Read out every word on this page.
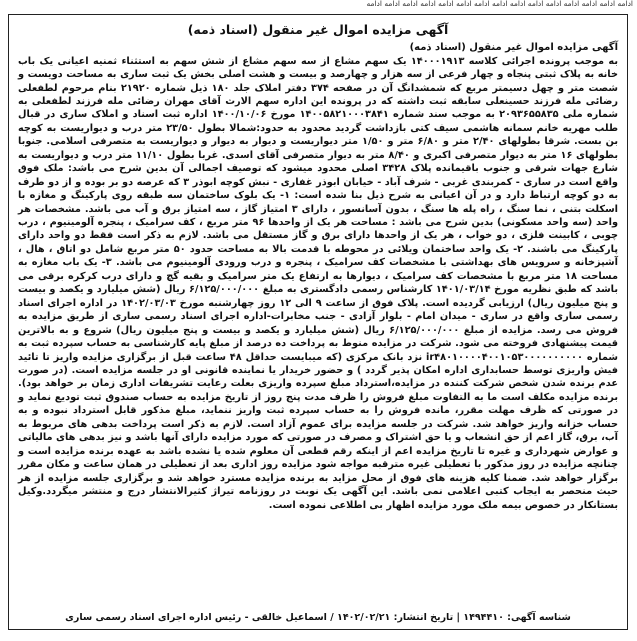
ادامه ادامه ادامه ادامه ادامه ادامه ادامه ادامه ادامه ادامه ادامه ادامه ادامه ادامه ادامه
آگهی مزایده اموال غیر منقول (اسناد ذمه)
آگهی مزایده اموال غیر منقول (اسناد ذمه)
به موجب پرونده اجرائی کلاسه ۱۴۰۰۰۱۹۱۳ یک سهم مشاع از سه سهم مشاع از شش سهم به استثناء ثمنیه اعیانی یک باب خانه به پلاک ثبتی پنجاه و چهار فرعی از سه هزار و چهارصد و بیست و هشت اصلی بخش یک ثبت ساری به مساحت دویست و شصت متر و چهل دسیمتر مربع که شمشدانگ آن در صفحه ۳۷۴ دفتر املاک جلد ۱۸۰ ذیل شماره ۲۱۹۲۰ بنام مرحوم لطفعلی رضائی مله فرزند حسینعلی سابقه ثبت داشته که در پرونده این اداره سهم الارث آقای مهران رضائی مله فرزند لطفعلی به شماره ملی ۲۰۹۳۶۵۵۸۳۵ به موجب سند شماره ۱۴۰۰۵۸۲۱۰۰۰۳۸۴۱ مورخ ۱۴۰۰/۱۰/۰۶ اداره ثبت اسناد و املاک ساری در قبال طلب مهریه خانم سمانه هاشمی سیف کتی بازداشت گردید محدود به حدود:شمالا بطول ۲۳/۵۰ متر درب و دیواریست به کوچه بن بست. شرقا بطولهای ۲/۴۰ متر و ۶/۸۰ متر و ۱/۵۰ متر دیواریست و دیوار به دیوار و دیواریست به متصرفی اسلامی. جنوبا بطولهای ۱۶ متر به دیوار متصرفی اکبری و ۸/۴۰ متر به دیوار متصرفی آقای اسدی. غربا بطول ۱۱/۱۰ متر درب و دیواریست به شارع جهات شرقی و جنوب باقیمانده پلاک ۳۴۲۸ اصلی محدود میشود که توصیف اجمالی آن بدین شرح می باشد: ملک فوق واقع است در ساری - کمربندی غربی - شرف آباد - خیابان ابوذر غفاری - نبش کوچه ابوذر ۳ که عرصه دو بر بوده و از دو طرف به دو کوچه ارتباط دارد و در آن اعیانی به شرح ذیل بنا شده است: ۱- یک بلوک ساختمان سه طبقه روی پارکینگ و مغازه با اسکلت بتنی ، نما سنگ ، راه پله ها سنگ ، بدون آسانسور ، دارای ۳ امتیاز گاز ، سه امتیاز برق و آب می باشد. مشخصات هر واحد (سه واحد مسکونی) بدین شرح می باشد : مساحت هر یک از واحدها ۹۶ متر مربع ، کف سرامیک ، پنجره آلومینیوم ، درب چوبی ، کابینت فلزی ، دو خواب ، هر یک از واحدها دارای برق و گاز مستقل می باشد. لازم به ذکر است فقط دو واحد دارای پارکینگ می باشند. ۲- یک واحد ساختمان ویلائی در محوطه با قدمت بالا به مساحت حدود ۵۰ متر مربع شامل دو اتاق ، هال ، آشپزخانه و سرویس های بهداشتی با مشخصات کف سرامیک ، پنجره و درب ورودی آلومینیوم می باشد. ۳- یک باب مغازه به مساحت ۱۸ متر مربع با مشخصات کف سرامیک ، دیوارها به ارتفاع یک متر سرامیک و بقیه گچ و دارای درب کرکره برقی می باشد که طبق نظریه مورخ ۱۴۰۱/۰۳/۱۴ کارشناس رسمی دادگستری به مبلغ ۶/۱۲۵/۰۰۰/۰۰۰ ریال (شش میلیارد و یکصد و بیست و پنج میلیون ریال) ارزیابی گردیده است. پلاک فوق از ساعت ۹ الی ۱۲ روز چهارشنبه مورخ ۱۴۰۲/۰۳/۰۳ در اداره اجرای اسناد رسمی ساری واقع در ساری - میدان امام - بلوار آزادی - جنب مخابرات-اداره اجرای اسناد رسمی ساری از طریق مزایده به فروش می رسد. مزایده از مبلغ ۶/۱۲۵/۰۰۰/۰۰۰ ریال (شش میلیارد و یکصد و بیست و پنج میلیون ریال) شروع و به بالاترین قیمت پیشنهادی فروخته می شود. شرکت در مزایده منوط به پرداخت ده درصد از مبلغ پایه کارشناسی به حساب سپرده ثبت به شماره ir۴۸۰۱۰۰۰۰۴۰۰۱۰۵۳۰۰۰۰۰۰۰۰۰۰ نزد بانک مرکزی (که میبایست حداقل ۴۸ ساعت قبل از برگزاری مزایده واریز تا تائید فیش واریزی توسط حسابداری اداره امکان پذیر گردد ) و حضور خریدار یا نماینده قانونی او در جلسه مزایده است. (در صورت عدم برنده شدن شخص شرکت کننده در مزایده،استرداد مبلغ سپرده واریزی بعلت رعایت تشریفات اداری زمان بر خواهد بود). برنده مزایده مکلف است ما به التفاوت مبلغ فروش را ظرف مدت پنج روز از تاریخ مزایده به حساب صندوق ثبت تودیع نماید و در صورتی که ظرف مهلت مقرر، مانده فروش را به حساب سپرده ثبت واریز ننماید، مبلغ مذکور قابل استرداد نبوده و به حساب خزانه واریز خواهد شد. شرکت در جلسه مزایده برای عموم آزاد است. لازم به ذکر است پرداخت بدهی های مربوط به آب، برق، گاز اعم از حق انشعاب و یا حق اشتراک و مصرف در صورتی که مورد مزایده دارای آنها باشد و نیز بدهی های مالیاتی و عوارض شهرداری و غیره تا تاریخ مزایده اعم از اینکه رقم قطعی آن معلوم شده یا نشده باشد به عهده برنده مزایده است و چنانچه مزایده در روز مذکور با تعطیلی غیره مترقبه مواجه شود مزایده روز اداری بعد از تعطیلی در همان ساعت و مکان مقرر برگزار خواهد شد. ضمنا کلیه هزینه های فوق از محل مزاید به برنده مزایده مسترد خواهد شد و برگزاری جلسه مزایده از هر حیث منحصر به ایجاب کتبی اعلامی نمی باشد. این آگهی یک نوبت در روزنامه تیراژ کثیرالانتشار درج و منتشر میگردد.وکیل بستانکار در خصوص بیمه ملک مورد مزایده اظهار بی اطلاعی نموده است.
شناسه آگهی: ۱۴۹۴۴۱۰ | تاریخ انتشار: ۱۴۰۲/۰۲/۲۱ / اسماعیل خالقی - رئیس اداره اجرای اسناد رسمی ساری
